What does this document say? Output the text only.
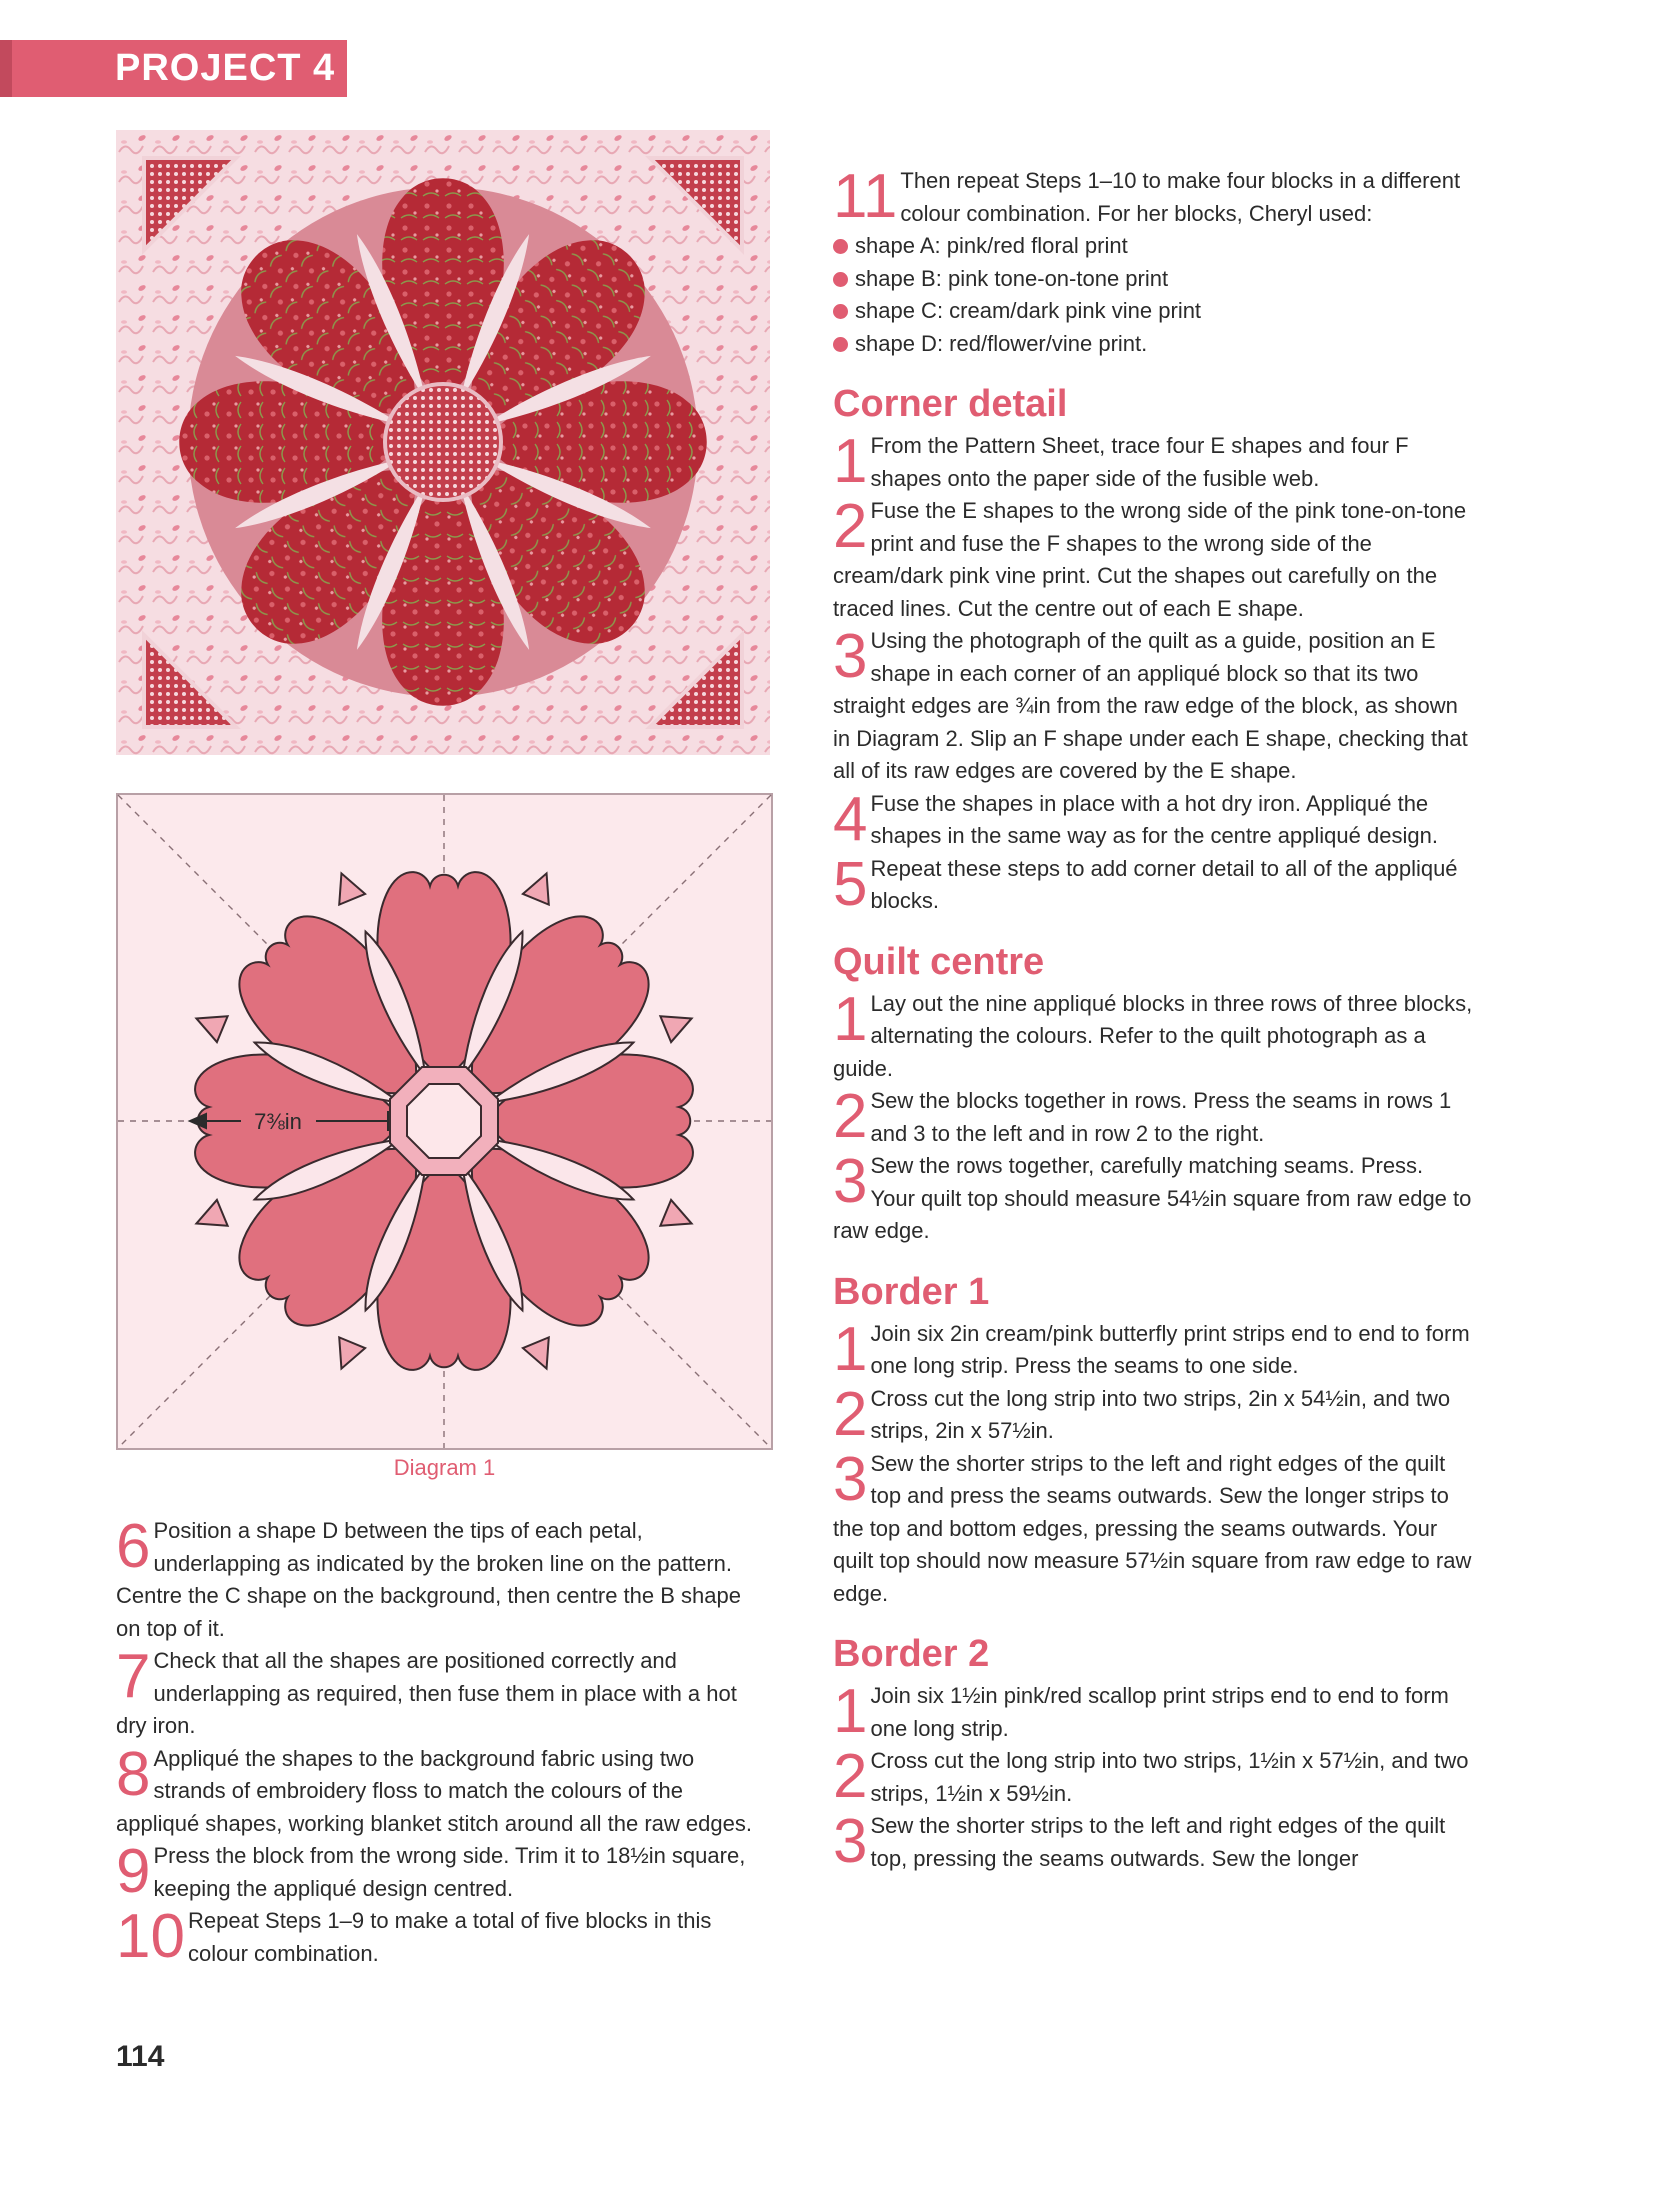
PROJECT 4
7⅜in
Diagram 1

6 Position a shape D between the tips of each petal, underlapping as indicated by the broken line on the pattern. Centre the C shape on the background, then centre the B shape on top of it.

7 Check that all the shapes are positioned correctly and underlapping as required, then fuse them in place with a hot dry iron.

8 Appliqué the shapes to the background fabric using two strands of embroidery floss to match the colours of the appliqué shapes, working blanket stitch around all the raw edges.

9 Press the block from the wrong side. Trim it to 18½in square, keeping the appliqué design centred.

10 Repeat Steps 1–9 to make a total of five blocks in this colour combination.

11 Then repeat Steps 1–10 to make four blocks in a different colour combination. For her blocks, Cheryl used:

shape A: pink/red floral print
shape B: pink tone-on-tone print
shape C: cream/dark pink vine print
shape D: red/flower/vine print.
Corner detail

1 From the Pattern Sheet, trace four E shapes and four F shapes onto the paper side of the fusible web.

2 Fuse the E shapes to the wrong side of the pink tone-on-tone print and fuse the F shapes to the wrong side of the cream/dark pink vine print. Cut the shapes out carefully on the traced lines. Cut the centre out of each E shape.

3 Using the photograph of the quilt as a guide, position an E shape in each corner of an appliqué block so that its two straight edges are ¾in from the raw edge of the block, as shown in Diagram 2. Slip an F shape under each E shape, checking that all of its raw edges are covered by the E shape.

4 Fuse the shapes in place with a hot dry iron. Appliqué the shapes in the same way as for the centre appliqué design.

5 Repeat these steps to add corner detail to all of the appliqué blocks.

Quilt centre

1 Lay out the nine appliqué blocks in three rows of three blocks, alternating the colours. Refer to the quilt photograph as a guide.

2 Sew the blocks together in rows. Press the seams in rows 1 and 3 to the left and in row 2 to the right.

3 Sew the rows together, carefully matching seams. Press. Your quilt top should measure 54½in square from raw edge to raw edge.

Border 1

1 Join six 2in cream/pink butterfly print strips end to end to form one long strip. Press the seams to one side.

2 Cross cut the long strip into two strips, 2in x 54½in, and two strips, 2in x 57½in.

3 Sew the shorter strips to the left and right edges of the quilt top and press the seams outwards. Sew the longer strips to the top and bottom edges, pressing the seams outwards. Your quilt top should now measure 57½in square from raw edge to raw edge.

Border 2

1 Join six 1½in pink/red scallop print strips end to end to form one long strip.

2 Cross cut the long strip into two strips, 1½in x 57½in, and two strips, 1½in x 59½in.

3 Sew the shorter strips to the left and right edges of the quilt top, pressing the seams outwards. Sew the longer

114
